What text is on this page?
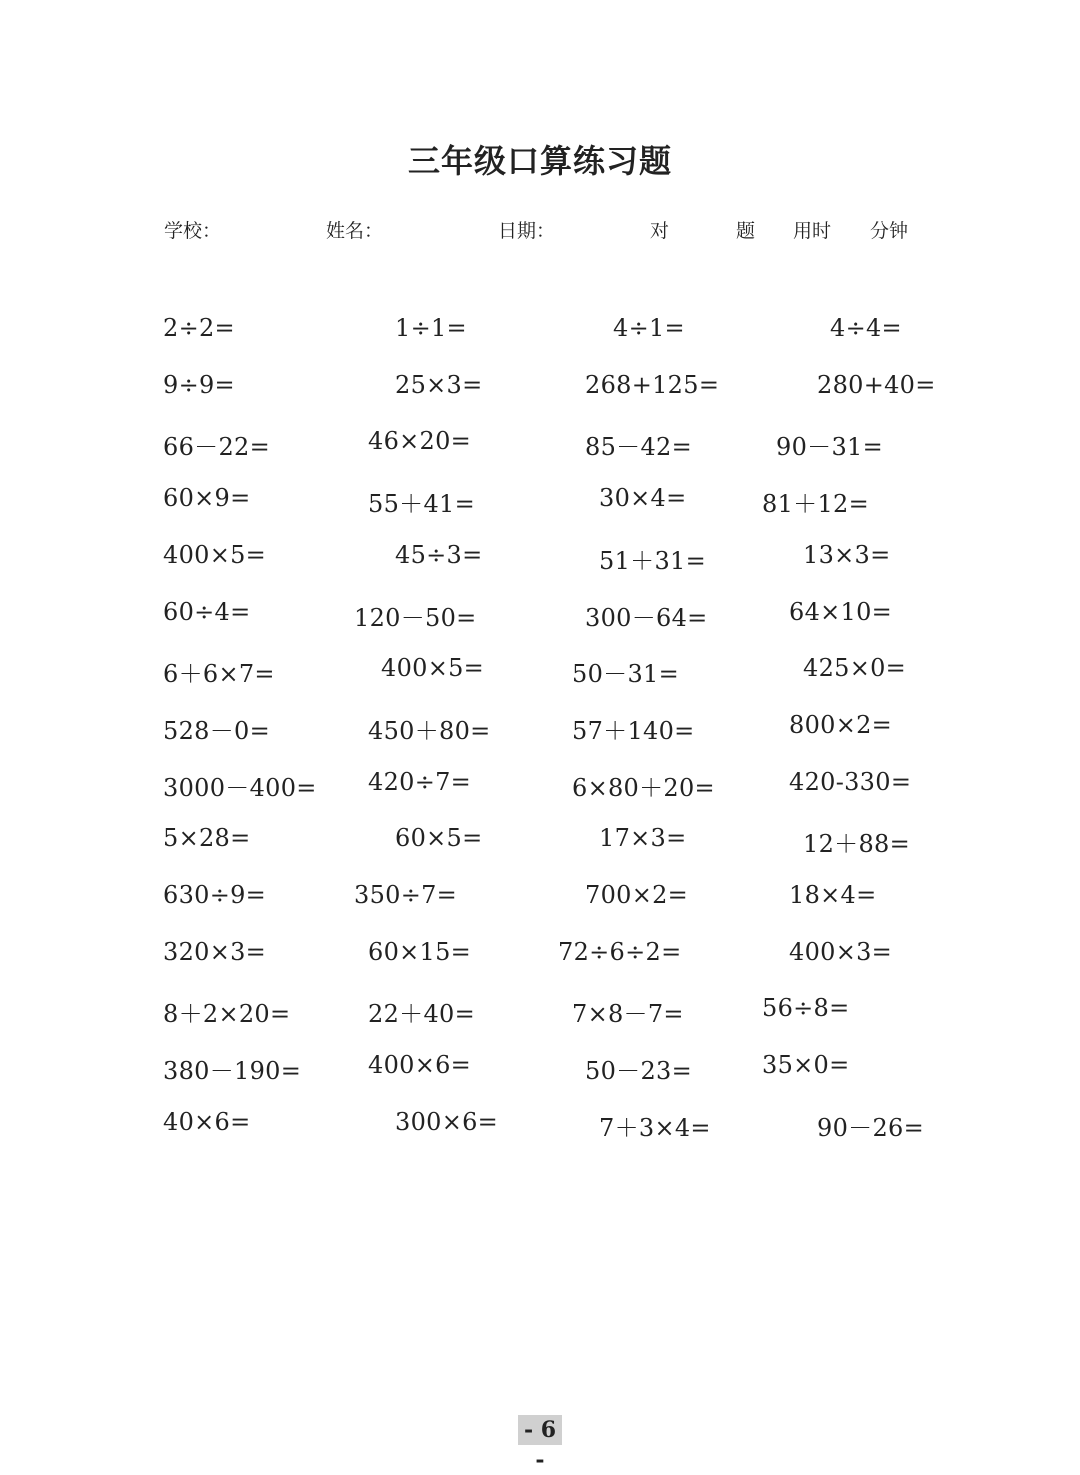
三年级口算练习题
学校：	姓名：	日期：	对	题 用时 分钟
2÷2=	1÷1=	4÷1=	4÷4=
9÷9=	25×3=	268+125=	280+40=
66－22=	46×20=	85－42=	90－31=
60×9=	55＋41=	30×4=	81＋12=
400×5=	45÷3=	51＋31=	13×3=
60÷4=	120－50=	300－64=	64×10=
6＋6×7=	400×5=	50－31=	425×0=
528－0=	450＋80=	57＋140=	800×2=
3000－400= 420÷7=	6×80＋20=	420-330=
5×28=	60×5=	17×3=	12＋88=
630÷9=	350÷7=	700×2=	18×4=
320×3=	60×15=	72÷6÷2=	400×3=
8＋2×20=	22＋40=	7×8－7=	56÷8=
380－190=	400×6=	50－23=	35×0=
40×6=	300×6=	7＋3×4=	90－26=
- 6 -
